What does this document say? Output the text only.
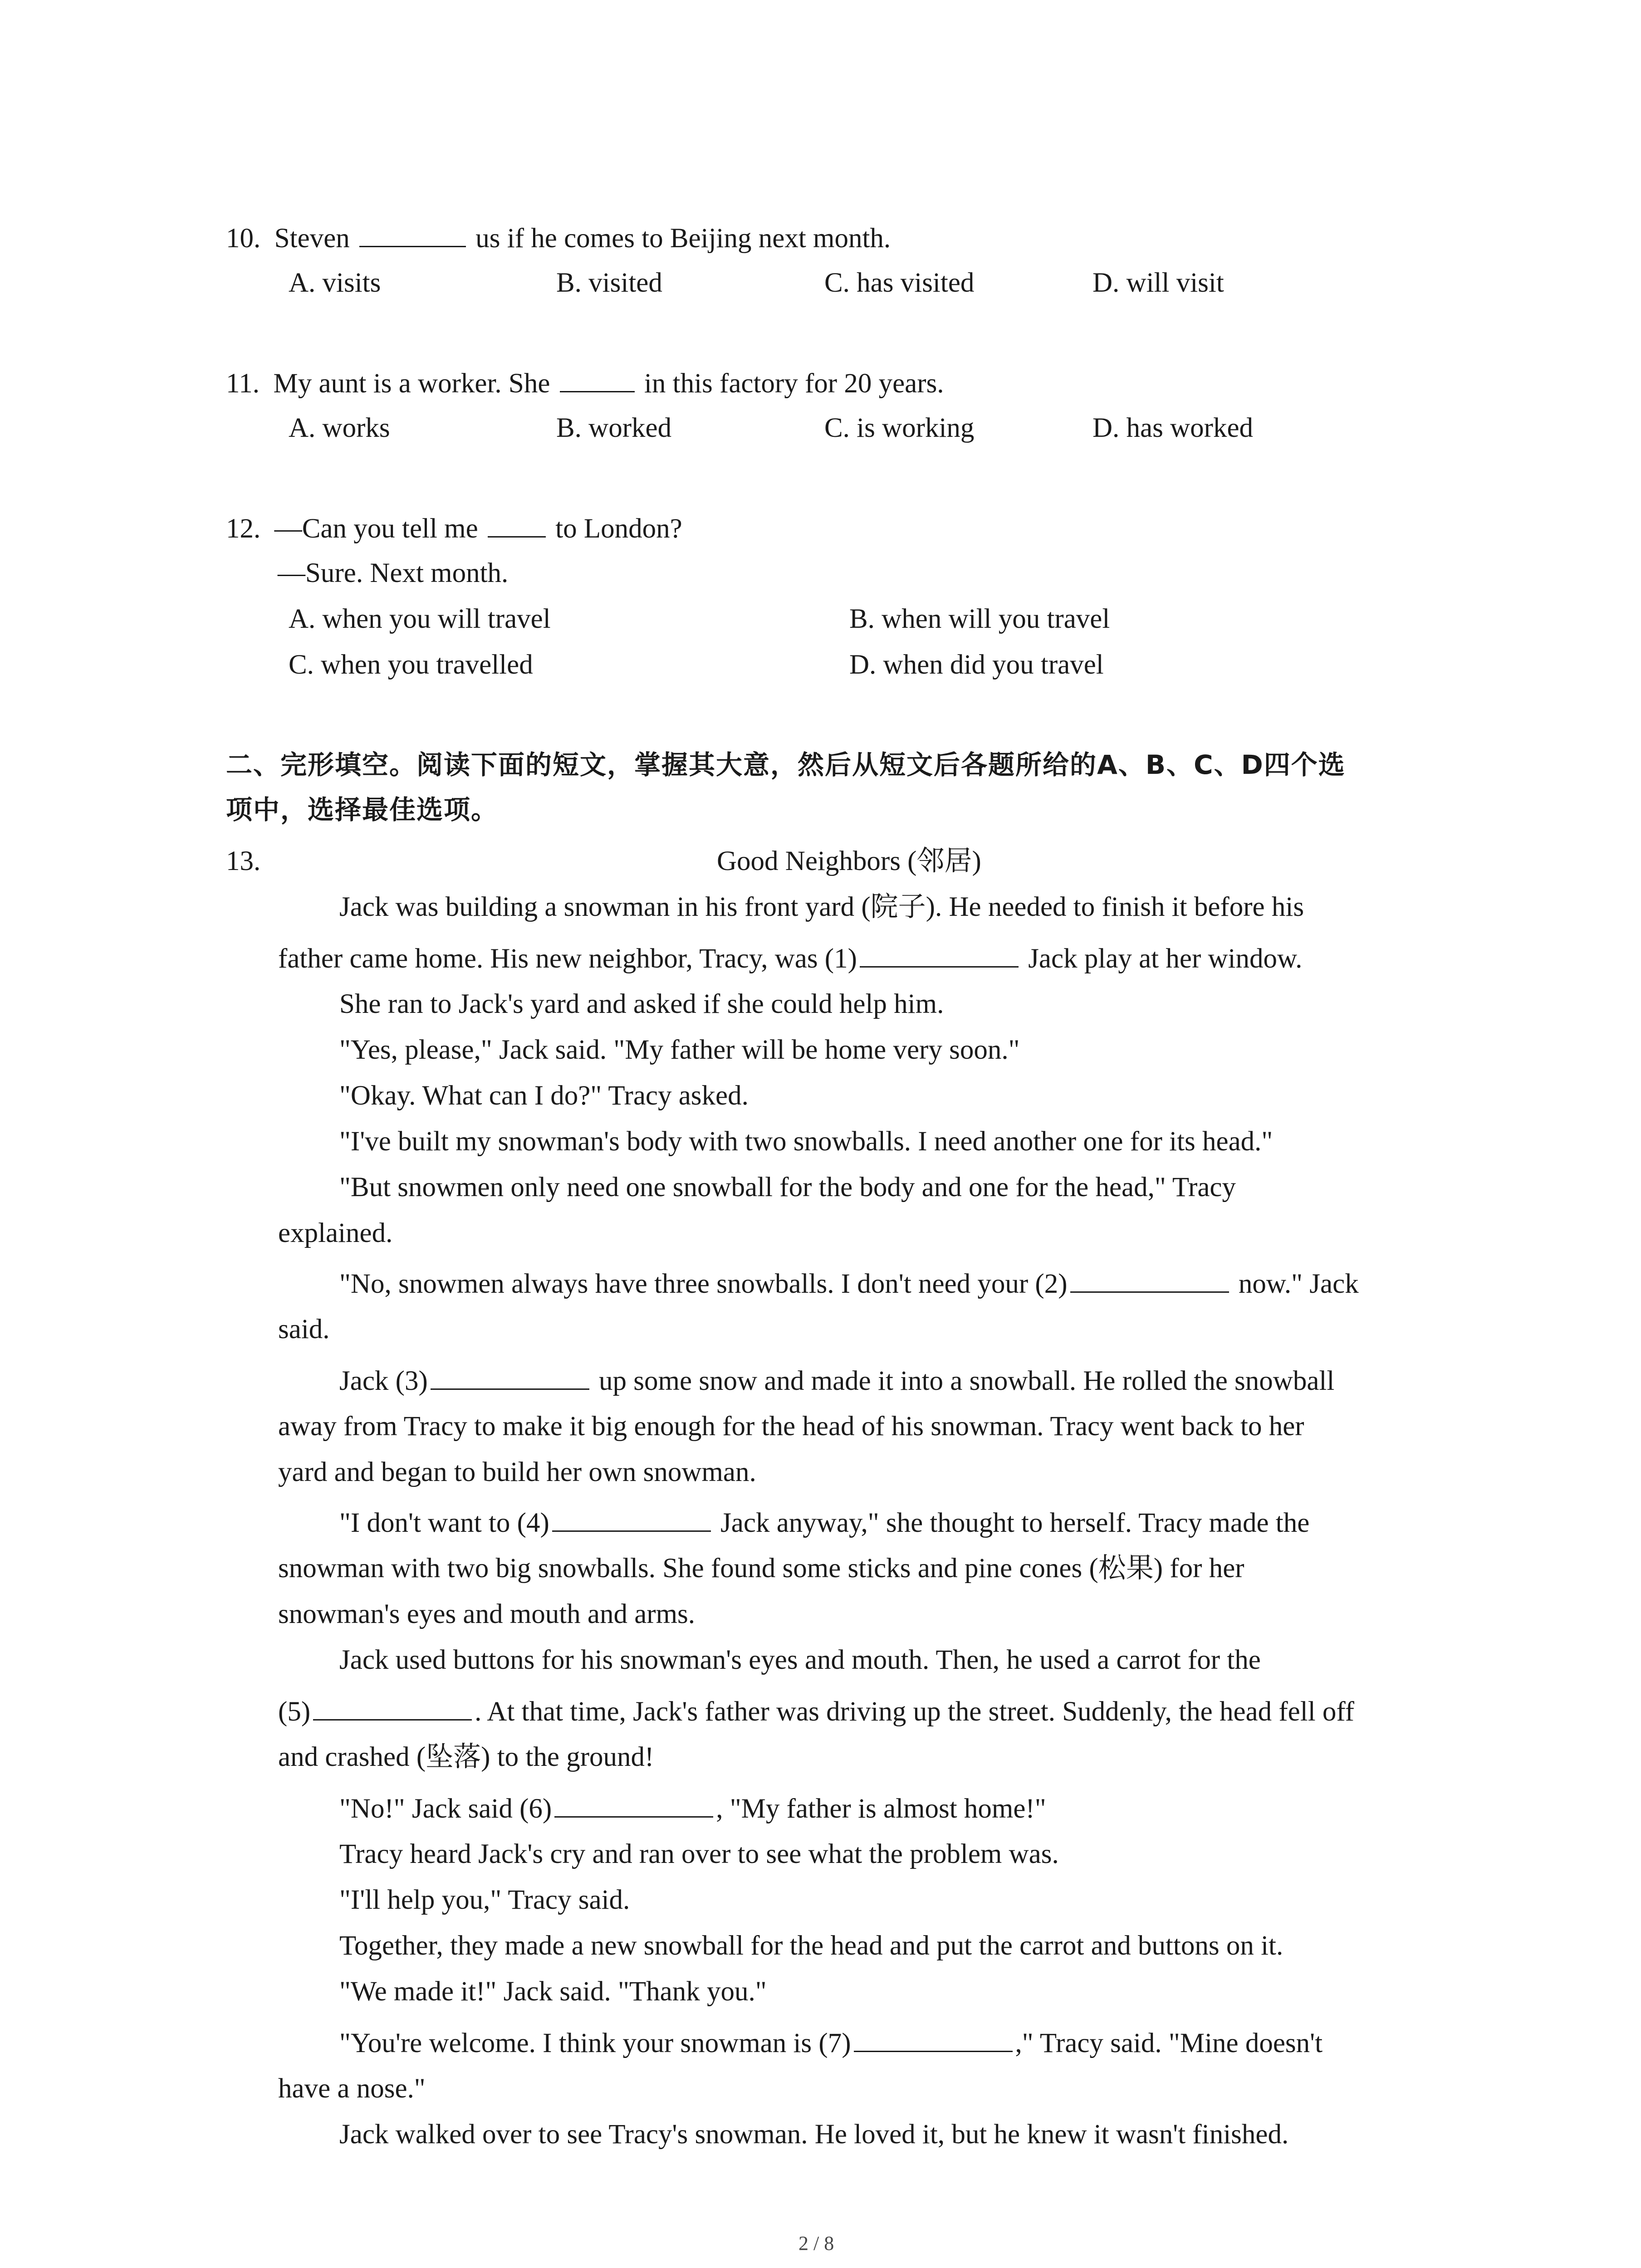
10. Steven	us if he comes to Beijing next month.
A. visits	B. visited	C. has visited	D. will visit
11. My aunt is a worker. She	in this factory for 20 years.
A. works	B. worked	C. is working	D. has worked
12. —Can you tell me	to London?
—Sure. Next month.
A. when you will travel	B. when will you travel
C. when you travelled	D. when did you travel
二、完形填空。阅读下面的短文，掌握其大意，然后从短文后各题所给的A、B、C、D四个选
项中，选择最佳选项。
13.	Good Neighbors (邻居)
Jack was building a snowman in his front yard (院子). He needed to finish it before his
father came home. His new neighbor, Tracy, was (1)	Jack play at her window.
She ran to Jack's yard and asked if she could help him.
"Yes, please," Jack said. "My father will be home very soon."
"Okay. What can I do?" Tracy asked.
"I've built my snowman's body with two snowballs. I need another one for its head."
"But snowmen only need one snowball for the body and one for the head," Tracy
explained.
"No, snowmen always have three snowballs. I don't need your (2)	now." Jack
said.
Jack (3)	up some snow and made it into a snowball. He rolled the snowball
away from Tracy to make it big enough for the head of his snowman. Tracy went back to her
yard and began to build her own snowman.
"I don't want to (4)	Jack anyway," she thought to herself. Tracy made the
snowman with two big snowballs. She found some sticks and pine cones (松果) for her
snowman's eyes and mouth and arms.
Jack used buttons for his snowman's eyes and mouth. Then, he used a carrot for the
(5)	. At that time, Jack's father was driving up the street. Suddenly, the head fell off
and crashed (坠落) to the ground!
"No!" Jack said (6)	, "My father is almost home!"
Tracy heard Jack's cry and ran over to see what the problem was.
"I'll help you," Tracy said.
Together, they made a new snowball for the head and put the carrot and buttons on it.
"We made it!" Jack said. "Thank you."
"You're welcome. I think your snowman is (7)	," Tracy said. "Mine doesn't
have a nose."
Jack walked over to see Tracy's snowman. He loved it, but he knew it wasn't finished.
2 / 8
